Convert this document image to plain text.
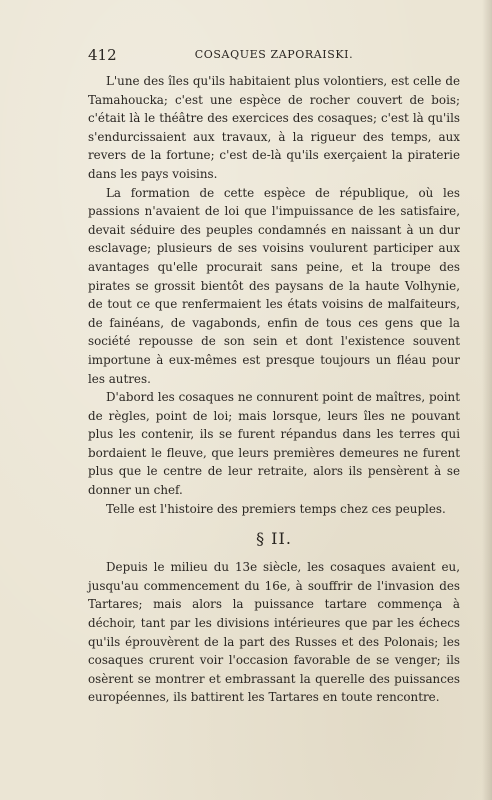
412	COSAQUES ZAPORAISKI.

L'une des îles qu'ils habitaient plus volontiers, est celle de Tamahoucka; c'est une espèce de rocher couvert de bois; c'était là le théâtre des exercices des cosaques; c'est là qu'ils s'endurcissaient aux travaux, à la rigueur des temps, aux revers de la fortune; c'est de-là qu'ils exerçaient la piraterie dans les pays voisins.

La formation de cette espèce de république, où les passions n'avaient de loi que l'impuissance de les satisfaire, devait séduire des peuples condamnés en naissant à un dur esclavage; plusieurs de ses voisins voulurent participer aux avantages qu'elle procurait sans peine, et la troupe des pirates se grossit bientôt des paysans de la haute Volhynie, de tout ce que renfermaient les états voisins de malfaiteurs, de fainéans, de vagabonds, enfin de tous ces gens que la société repousse de son sein et dont l'existence souvent importune à eux-mêmes est presque toujours un fléau pour les autres.

D'abord les cosaques ne connurent point de maîtres, point de règles, point de loi; mais lorsque, leurs îles ne pouvant plus les contenir, ils se furent répandus dans les terres qui bordaient le fleuve, que leurs premières demeures ne furent plus que le centre de leur retraite, alors ils pensèrent à se donner un chef.

Telle est l'histoire des premiers temps chez ces peuples.

§ II.

Depuis le milieu du 13e siècle, les cosaques avaient eu, jusqu'au commencement du 16e, à souffrir de l'invasion des Tartares; mais alors la puissance tartare commença à déchoir, tant par les divisions intérieures que par les échecs qu'ils éprouvèrent de la part des Russes et des Polonais; les cosaques crurent voir l'occasion favorable de se venger; ils osèrent se montrer et embrassant la querelle des puissances européennes, ils battirent les Tartares en toute rencontre.
